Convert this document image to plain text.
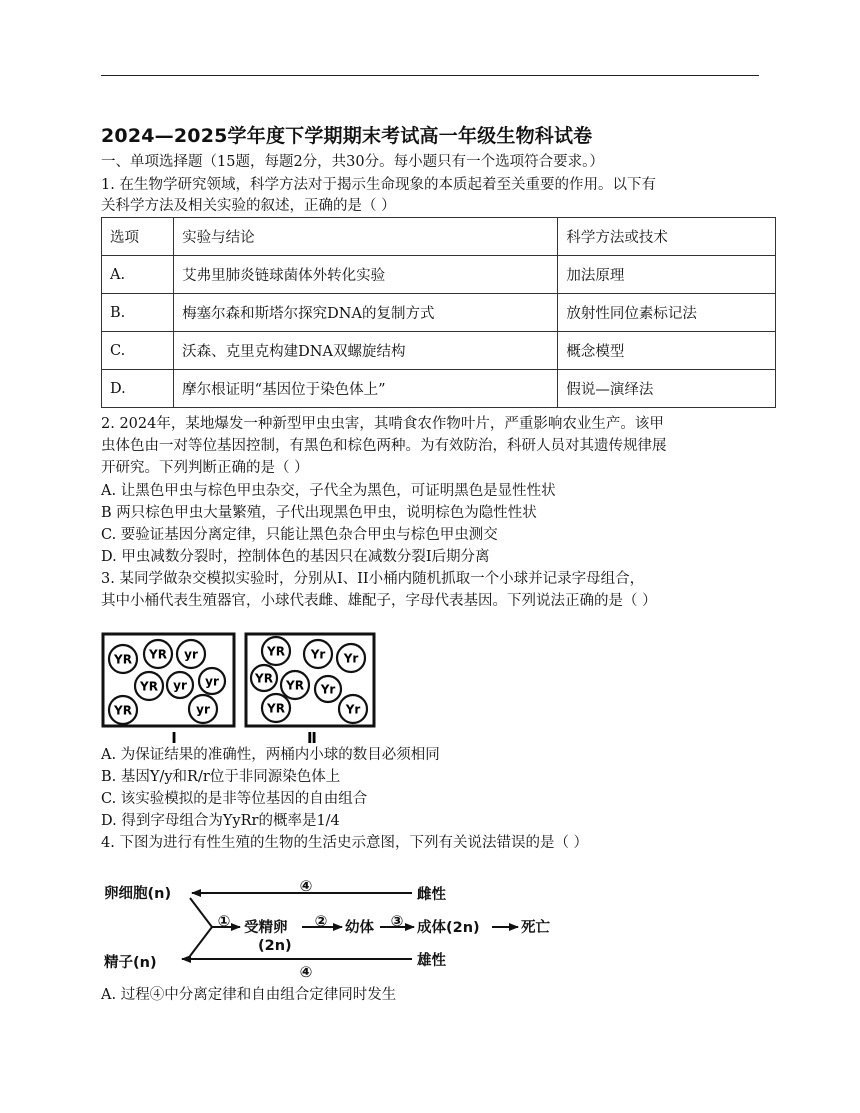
2024—2025学年度下学期期末考试高一年级生物科试卷
一、单项选择题（15题，每题2分，共30分。每小题只有一个选项符合要求。）
1. 在生物学研究领域，科学方法对于揭示生命现象的本质起着至关重要的作用。以下有
关科学方法及相关实验的叙述，正确的是（ ）
选项	实验与结论	科学方法或技术
A.	艾弗里肺炎链球菌体外转化实验	加法原理
B.	梅塞尔森和斯塔尔探究DNA的复制方式	放射性同位素标记法
C.	沃森、克里克构建DNA双螺旋结构	概念模型
D.	摩尔根证明“基因位于染色体上”	假说—演绎法
2. 2024年，某地爆发一种新型甲虫虫害，其啃食农作物叶片，严重影响农业生产。该甲
虫体色由一对等位基因控制，有黑色和棕色两种。为有效防治，科研人员对其遗传规律展
开研究。下列判断正确的是（ ）
A. 让黑色甲虫与棕色甲虫杂交，子代全为黑色，可证明黑色是显性性状
B 两只棕色甲虫大量繁殖，子代出现黑色甲虫，说明棕色为隐性性状
C. 要验证基因分离定律，只能让黑色杂合甲虫与棕色甲虫测交
D. 甲虫减数分裂时，控制体色的基因只在减数分裂Ⅰ后期分离
3. 某同学做杂交模拟实验时，分别从Ⅰ、II小桶内随机抓取一个小球并记录字母组合，
其中小桶代表生殖器官，小球代表雌、雄配子，字母代表基因。下列说法正确的是（ ）
YR YR yr
YR yr yr
YR	yr
YR Yr Yr
YR YR Yr
YR	Yr
Ⅰ	Ⅱ
A. 为保证结果的准确性，两桶内小球的数目必须相同
B. 基因Y/y和R/r位于非同源染色体上
C. 该实验模拟的是非等位基因的自由组合
D. 得到字母组合为YyRr的概率是1/4
4. 下图为进行有性生殖的生物的生活史示意图，下列有关说法错误的是（ ）
卵细胞(n)
精子(n)
雌性
雄性
受精卵
(2n)
幼体	成体(2n)	死亡
④
④
①	②	③
A. 过程④中分离定律和自由组合定律同时发生
